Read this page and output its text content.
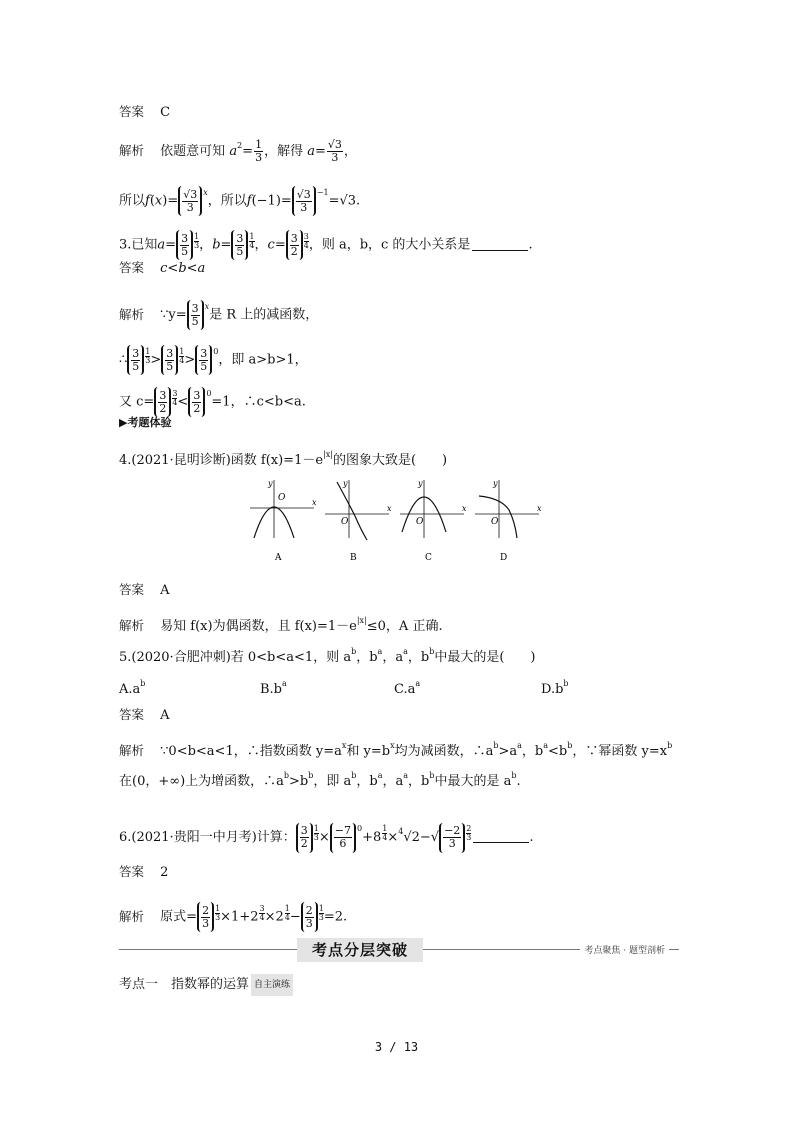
答案 C
解析 依题意可知 $a^2= \frac{1}{3}$ ，解得 $a= \frac{√3}{3}$ ，
所以$f(x)= \frac{√3}{3}$ x
，所以$f(-1)= \frac{√3}{3} -1=√3$.
3.已知$a= \frac{3}{5} \frac{1}{3}$ ，$b= \frac{3}{5} \frac{1}{4}$ ，$c= \frac{3}{2} \frac{3}{4}$ ，则 a，b，c 的大小关系是	.
答案 c<b<a
解析 ∵y= $\frac{3}{5}$ x
是 R 上的减函数，
∴ $\frac{3}{5} \frac{1}{3} > \frac{3}{5} \frac{1}{4} > \frac{3}{5} 0$，即 a>b>1，
又 $c= \frac{3}{2} \frac{3}{4} < \frac{3}{2} 0=1$，∴c<b<a.
▶考题体验
4.(2021·昆明诊断)函数 $f(x)=1-e^{|x|}$的图象大致是(　　)
y
x
O
A
y
x
O
B
y
x
O
C
y
x
O
D
答案 A
解析 易知 f(x)为偶函数，且 $f(x)=1-e^{|x|}\le 0$，A 正确.
5.(2020·合肥冲刺)若 0<b<a<1，则 $a^b$，$b^a$，$a^a$，$b^b$中最大的是(　　)
$A.a^b$	$B.b^a$	$C.a^a$	$D.b^b$
答案 A
解析 ∵0<b<a<1，∴指数函数 $y=a^x$和 $y=b^x$均为减函数，$\therefore a^b>a^a$，$b^a<b^b$，∵幂函数 $y=x^b$
在(0，+∞)上为增函数，$\therefore a^b>b^b$，即 $a^b$，$b^a$，$a^a$，$b^b$中最大的是 $a^b$.
6.(2021·贵阳一中月考)计算： $\frac{3}{2} \frac{1}{3} \times \frac{-7}{6} 0+8 \frac{1}{4} \times^4√2-√ \frac{-2}{3} \frac{2}{3}$	.
答案 2
解析 原式= $\frac{2}{3} \frac{1}{3} \times 1+2 \frac{3}{4} \times 2 \frac{1}{4} - \frac{2}{3} \frac{1}{3} =2$.
考点分层突破	考点聚焦 · 题型剖析
考点一　指数幂的运算 自主演练
3 / 13
